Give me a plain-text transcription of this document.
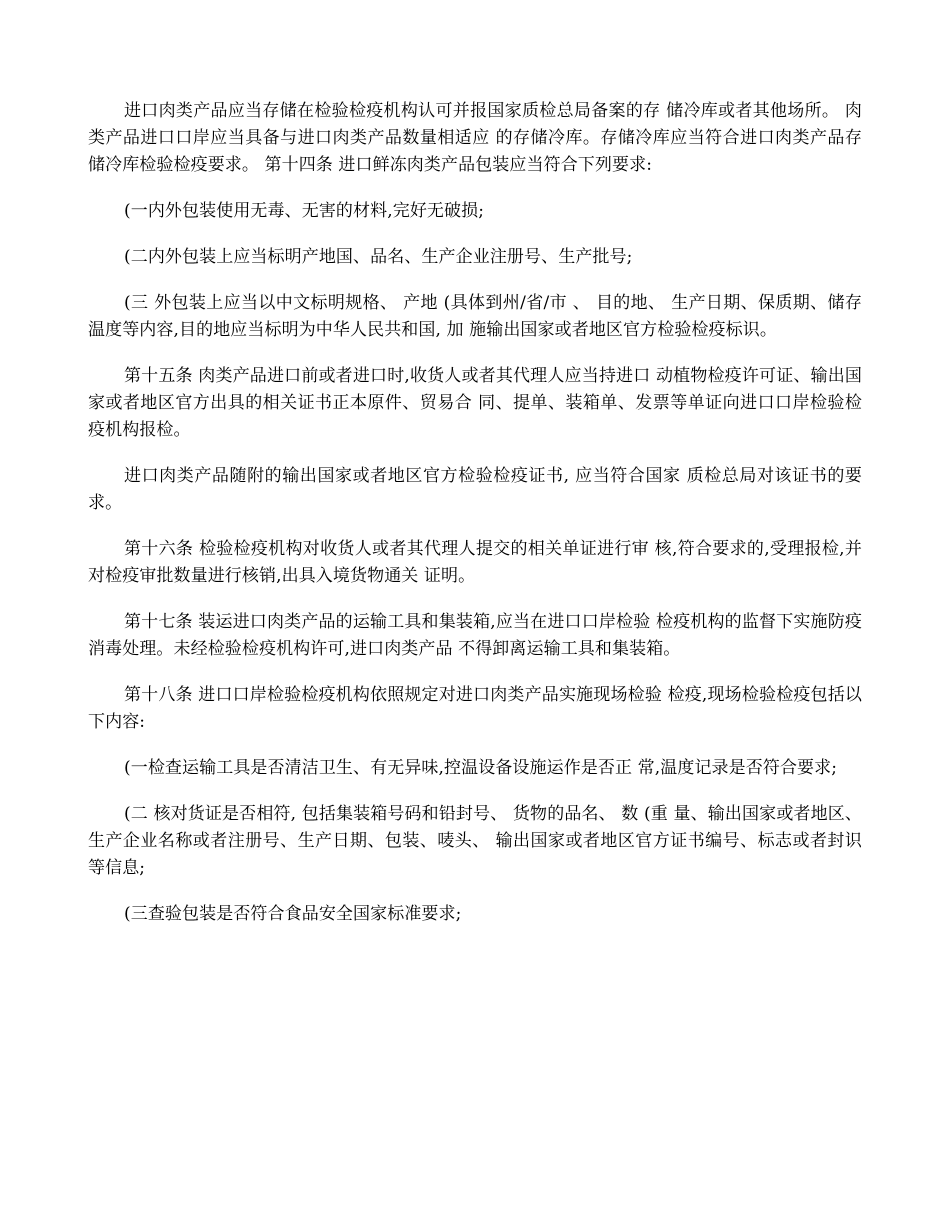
进口肉类产品应当存储在检验检疫机构认可并报国家质检总局备案的存 储冷库或者其他场所。 肉类产品进口口岸应当具备与进口肉类产品数量相适应 的存储冷库。存储冷库应当符合进口肉类产品存储冷库检验检疫要求。 第十四条 进口鲜冻肉类产品包装应当符合下列要求:

(一内外包装使用无毒、无害的材料,完好无破损;

(二内外包装上应当标明产地国、品名、生产企业注册号、生产批号;

(三 外包装上应当以中文标明规格、 产地 (具体到州/省/市 、 目的地、 生产日期、保质期、储存温度等内容,目的地应当标明为中华人民共和国, 加 施输出国家或者地区官方检验检疫标识。

第十五条 肉类产品进口前或者进口时,收货人或者其代理人应当持进口 动植物检疫许可证、输出国家或者地区官方出具的相关证书正本原件、贸易合 同、提单、装箱单、发票等单证向进口口岸检验检疫机构报检。

进口肉类产品随附的输出国家或者地区官方检验检疫证书, 应当符合国家 质检总局对该证书的要求。

第十六条 检验检疫机构对收货人或者其代理人提交的相关单证进行审 核,符合要求的,受理报检,并对检疫审批数量进行核销,出具入境货物通关 证明。

第十七条 装运进口肉类产品的运输工具和集装箱,应当在进口口岸检验 检疫机构的监督下实施防疫消毒处理。未经检验检疫机构许可,进口肉类产品 不得卸离运输工具和集装箱。

第十八条 进口口岸检验检疫机构依照规定对进口肉类产品实施现场检验 检疫,现场检验检疫包括以下内容:

(一检查运输工具是否清洁卫生、有无异味,控温设备设施运作是否正 常,温度记录是否符合要求;

(二 核对货证是否相符, 包括集装箱号码和铅封号、 货物的品名、 数 (重 量、输出国家或者地区、生产企业名称或者注册号、生产日期、包装、唛头、 输出国家或者地区官方证书编号、标志或者封识等信息;

(三查验包装是否符合食品安全国家标准要求;
